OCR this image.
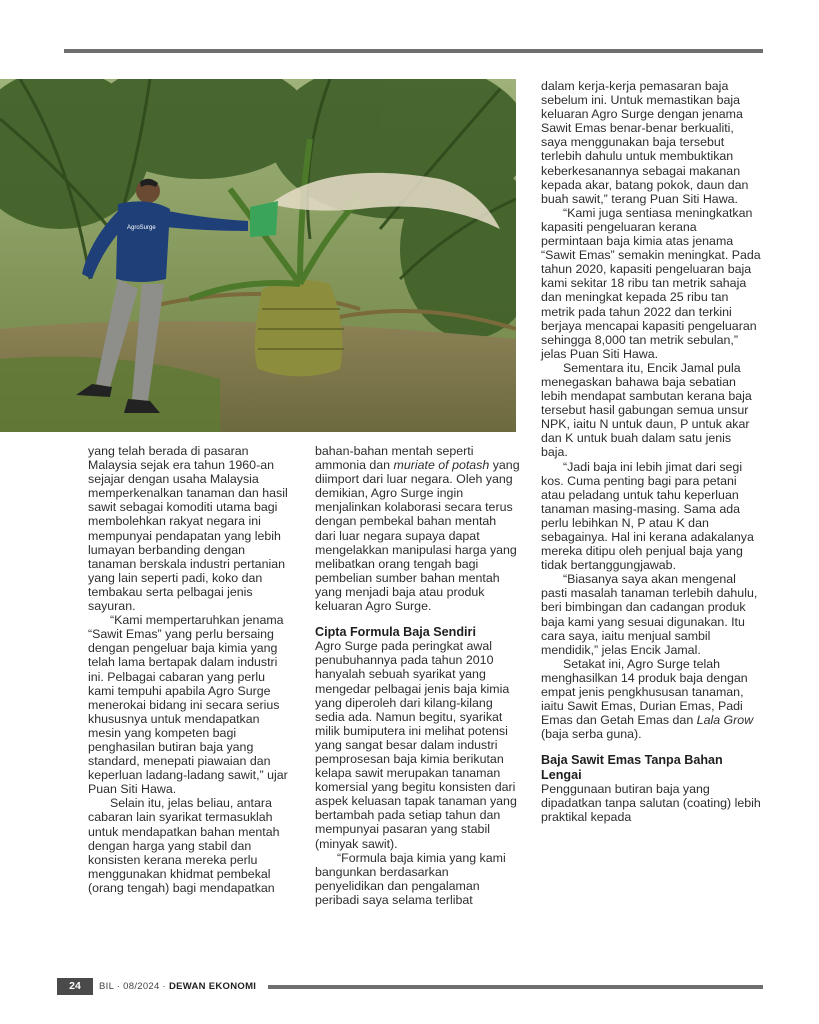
AgroSurge

yang telah berada di pasaran Malaysia sejak era tahun 1960-an sejajar dengan usaha Malaysia memperkenalkan tanaman dan hasil sawit sebagai komoditi utama bagi membolehkan rakyat negara ini mempunyai pendapatan yang lebih lumayan berbanding dengan tanaman berskala industri pertanian yang lain seperti padi, koko dan tembakau serta pelbagai jenis sayuran.

“Kami mempertaruhkan jenama “Sawit Emas” yang perlu bersaing dengan pengeluar baja kimia yang telah lama bertapak dalam industri ini. Pelbagai cabaran yang perlu kami tempuhi apabila Agro Surge menerokai bidang ini secara serius khususnya untuk mendapatkan mesin yang kompeten bagi penghasilan butiran baja yang standard, menepati piawaian dan keperluan ladang-ladang sawit,” ujar Puan Siti Hawa.

Selain itu, jelas beliau, antara cabaran lain syarikat termasuklah untuk mendapatkan bahan mentah dengan harga yang stabil dan konsisten kerana mereka perlu menggunakan khidmat pembekal (orang tengah) bagi mendapatkan

bahan-bahan mentah seperti ammonia dan muriate of potash yang diimport dari luar negara. Oleh yang demikian, Agro Surge ingin menjalinkan kolaborasi secara terus dengan pembekal bahan mentah dari luar negara supaya dapat mengelakkan manipulasi harga yang melibatkan orang tengah bagi pembelian sumber bahan mentah yang menjadi baja atau produk keluaran Agro Surge.

Cipta Formula Baja Sendiri

Agro Surge pada peringkat awal penubuhannya pada tahun 2010 hanyalah sebuah syarikat yang mengedar pelbagai jenis baja kimia yang diperoleh dari kilang-kilang sedia ada. Namun begitu, syarikat milik bumiputera ini melihat potensi yang sangat besar dalam industri pemprosesan baja kimia berikutan kelapa sawit merupakan tanaman komersial yang begitu konsisten dari aspek keluasan tapak tanaman yang bertambah pada setiap tahun dan mempunyai pasaran yang stabil (minyak sawit).

“Formula baja kimia yang kami bangunkan berdasarkan penyelidikan dan pengalaman peribadi saya selama terlibat

dalam kerja-kerja pemasaran baja sebelum ini. Untuk memastikan baja keluaran Agro Surge dengan jenama Sawit Emas benar-benar berkualiti, saya menggunakan baja tersebut terlebih dahulu untuk membuktikan keberkesanannya sebagai makanan kepada akar, batang pokok, daun dan buah sawit,” terang Puan Siti Hawa.

“Kami juga sentiasa meningkatkan kapasiti pengeluaran kerana permintaan baja kimia atas jenama “Sawit Emas” semakin meningkat. Pada tahun 2020, kapasiti pengeluaran baja kami sekitar 18 ribu tan metrik sahaja dan meningkat kepada 25 ribu tan metrik pada tahun 2022 dan terkini berjaya mencapai kapasiti pengeluaran sehingga 8,000 tan metrik sebulan,” jelas Puan Siti Hawa.

Sementara itu, Encik Jamal pula menegaskan bahawa baja sebatian lebih mendapat sambutan kerana baja tersebut hasil gabungan semua unsur NPK, iaitu N untuk daun, P untuk akar dan K untuk buah dalam satu jenis baja.

“Jadi baja ini lebih jimat dari segi kos. Cuma penting bagi para petani atau peladang untuk tahu keperluan tanaman masing-masing. Sama ada perlu lebihkan N, P atau K dan sebagainya. Hal ini kerana adakalanya mereka ditipu oleh penjual baja yang tidak bertanggungjawab.

“Biasanya saya akan mengenal pasti masalah tanaman terlebih dahulu, beri bimbingan dan cadangan produk baja kami yang sesuai digunakan. Itu cara saya, iaitu menjual sambil mendidik,” jelas Encik Jamal.

Setakat ini, Agro Surge telah menghasilkan 14 produk baja dengan empat jenis pengkhususan tanaman, iaitu Sawit Emas, Durian Emas, Padi Emas dan Getah Emas dan Lala Grow (baja serba guna).

Baja Sawit Emas Tanpa Bahan Lengai

Penggunaan butiran baja yang dipadatkan tanpa salutan (coating) lebih praktikal kepada

24	BIL · 08/2024 · DEWAN EKONOMI
